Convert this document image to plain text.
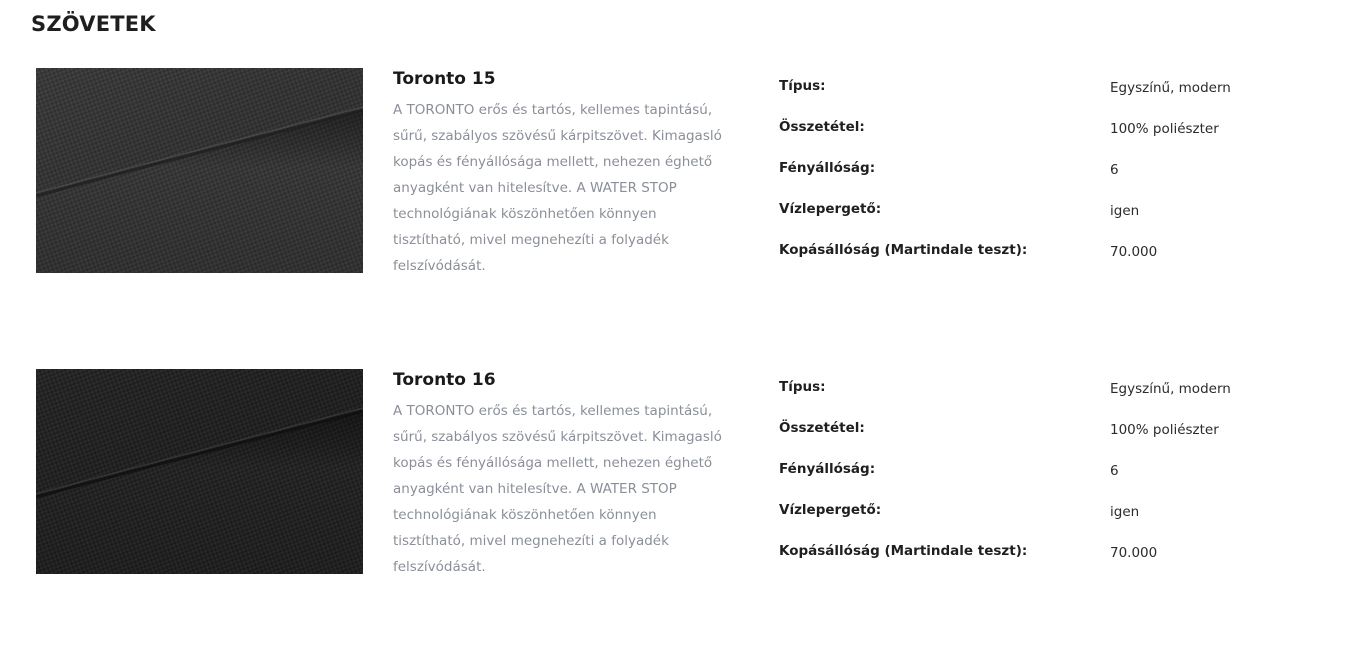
SZÖVETEK
Toronto 15

A TORONTO erős és tartós, kellemes tapintású, sűrű, szabályos szövésű kárpitszövet. Kimagasló kopás és fényállósága mellett, nehezen éghető anyagként van hitelesítve. A WATER STOP technológiának köszönhetően könnyen tisztítható, mivel megnehezíti a folyadék felszívódását.

Típus:	Egyszínű, modern
Összetétel:	100% poliészter
Fényállóság:	6
Vízlepergető:	igen
Kopásállóság (Martindale teszt):	70.000
Toronto 16

A TORONTO erős és tartós, kellemes tapintású, sűrű, szabályos szövésű kárpitszövet. Kimagasló kopás és fényállósága mellett, nehezen éghető anyagként van hitelesítve. A WATER STOP technológiának köszönhetően könnyen tisztítható, mivel megnehezíti a folyadék felszívódását.

Típus:	Egyszínű, modern
Összetétel:	100% poliészter
Fényállóság:	6
Vízlepergető:	igen
Kopásállóság (Martindale teszt):	70.000
